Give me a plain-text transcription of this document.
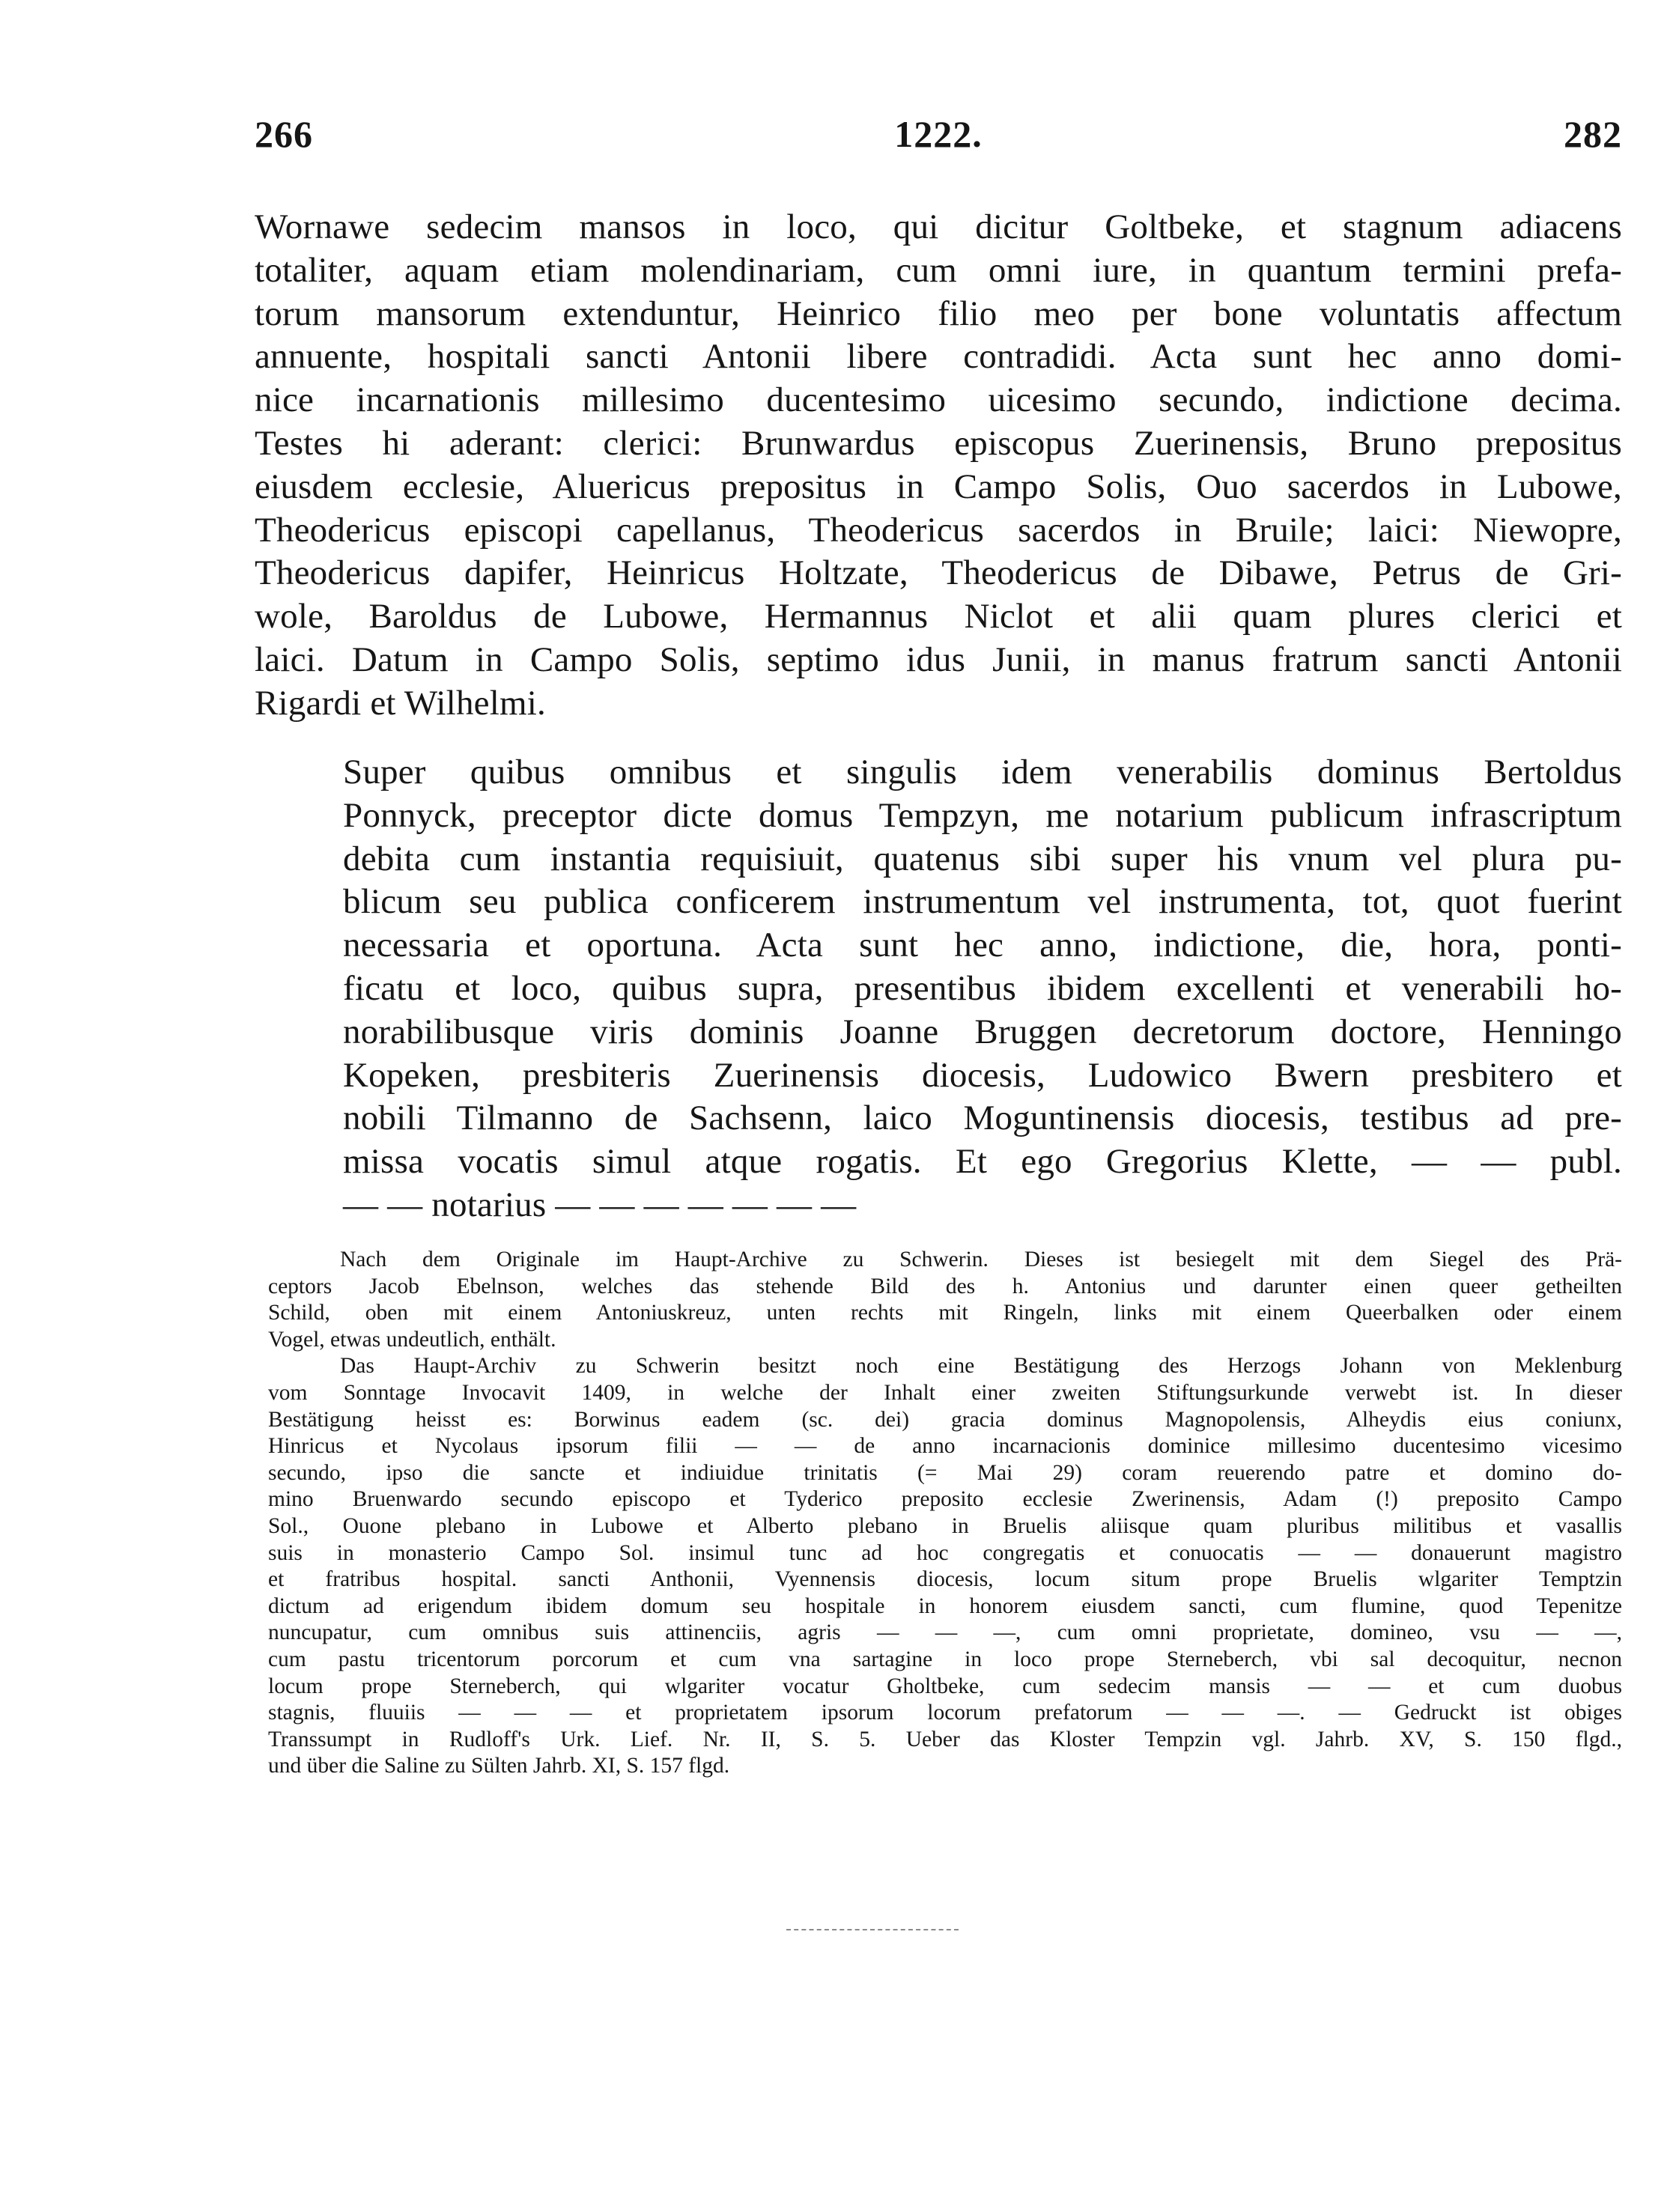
266	1222.	282

Wornawe sedecim mansos in loco, qui dicitur Goltbeke, et stagnum adiacens

totaliter, aquam etiam molendinariam, cum omni iure, in quantum termini prefa-

torum mansorum extenduntur, Heinrico filio meo per bone voluntatis affectum

annuente, hospitali sancti Antonii libere contradidi. Acta sunt hec anno domi-

nice incarnationis millesimo ducentesimo uicesimo secundo, indictione decima.

Testes hi aderant: clerici: Brunwardus episcopus Zuerinensis, Bruno prepositus

eiusdem ecclesie, Aluericus prepositus in Campo Solis, Ouo sacerdos in Lubowe,

Theodericus episcopi capellanus, Theodericus sacerdos in Bruile; laici: Niewopre,

Theodericus dapifer, Heinricus Holtzate, Theodericus de Dibawe, Petrus de Gri-

wole, Baroldus de Lubowe, Hermannus Niclot et alii quam plures clerici et

laici. Datum in Campo Solis, septimo idus Junii, in manus fratrum sancti Antonii

Rigardi et Wilhelmi.

Super quibus omnibus et singulis idem venerabilis dominus Bertoldus

Ponnyck, preceptor dicte domus Tempzyn, me notarium publicum infrascriptum

debita cum instantia requisiuit, quatenus sibi super his vnum vel plura pu-

blicum seu publica conficerem instrumentum vel instrumenta, tot, quot fuerint

necessaria et oportuna. Acta sunt hec anno, indictione, die, hora, ponti-

ficatu et loco, quibus supra, presentibus ibidem excellenti et venerabili ho-

norabilibusque viris dominis Joanne Bruggen decretorum doctore, Henningo

Kopeken, presbiteris Zuerinensis diocesis, Ludowico Bwern presbitero et

nobili Tilmanno de Sachsenn, laico Moguntinensis diocesis, testibus ad pre-

missa vocatis simul atque rogatis. Et ego Gregorius Klette, — — publ.

— — notarius — — — — — — —

Nach dem Originale im Haupt-Archive zu Schwerin. Dieses ist besiegelt mit dem Siegel des Prä-

ceptors Jacob Ebelnson, welches das stehende Bild des h. Antonius und darunter einen queer getheilten

Schild, oben mit einem Antoniuskreuz, unten rechts mit Ringeln, links mit einem Queerbalken oder einem

Vogel, etwas undeutlich, enthält.

Das Haupt-Archiv zu Schwerin besitzt noch eine Bestätigung des Herzogs Johann von Meklenburg

vom Sonntage Invocavit 1409, in welche der Inhalt einer zweiten Stiftungsurkunde verwebt ist. In dieser

Bestätigung heisst es: Borwinus eadem (sc. dei) gracia dominus Magnopolensis, Alheydis eius coniunx,

Hinricus et Nycolaus ipsorum filii — — de anno incarnacionis dominice millesimo ducentesimo vicesimo

secundo, ipso die sancte et indiuidue trinitatis (= Mai 29) coram reuerendo patre et domino do-

mino Bruenwardo secundo episcopo et Tyderico preposito ecclesie Zwerinensis, Adam (!) preposito Campo

Sol., Ouone plebano in Lubowe et Alberto plebano in Bruelis aliisque quam pluribus militibus et vasallis

suis in monasterio Campo Sol. insimul tunc ad hoc congregatis et conuocatis — — donauerunt magistro

et fratribus hospital. sancti Anthonii, Vyennensis diocesis, locum situm prope Bruelis wlgariter Temptzin

dictum ad erigendum ibidem domum seu hospitale in honorem eiusdem sancti, cum flumine, quod Tepenitze

nuncupatur, cum omnibus suis attinenciis, agris — — —, cum omni proprietate, domineo, vsu — —,

cum pastu tricentorum porcorum et cum vna sartagine in loco prope Sterneberch, vbi sal decoquitur, necnon

locum prope Sterneberch, qui wlgariter vocatur Gholtbeke, cum sedecim mansis — — et cum duobus

stagnis, fluuiis — — — et proprietatem ipsorum locorum prefatorum — — —. — Gedruckt ist obiges

Transsumpt in Rudloff's Urk. Lief. Nr. II, S. 5. Ueber das Kloster Tempzin vgl. Jahrb. XV, S. 150 flgd.,

und über die Saline zu Sülten Jahrb. XI, S. 157 flgd.
